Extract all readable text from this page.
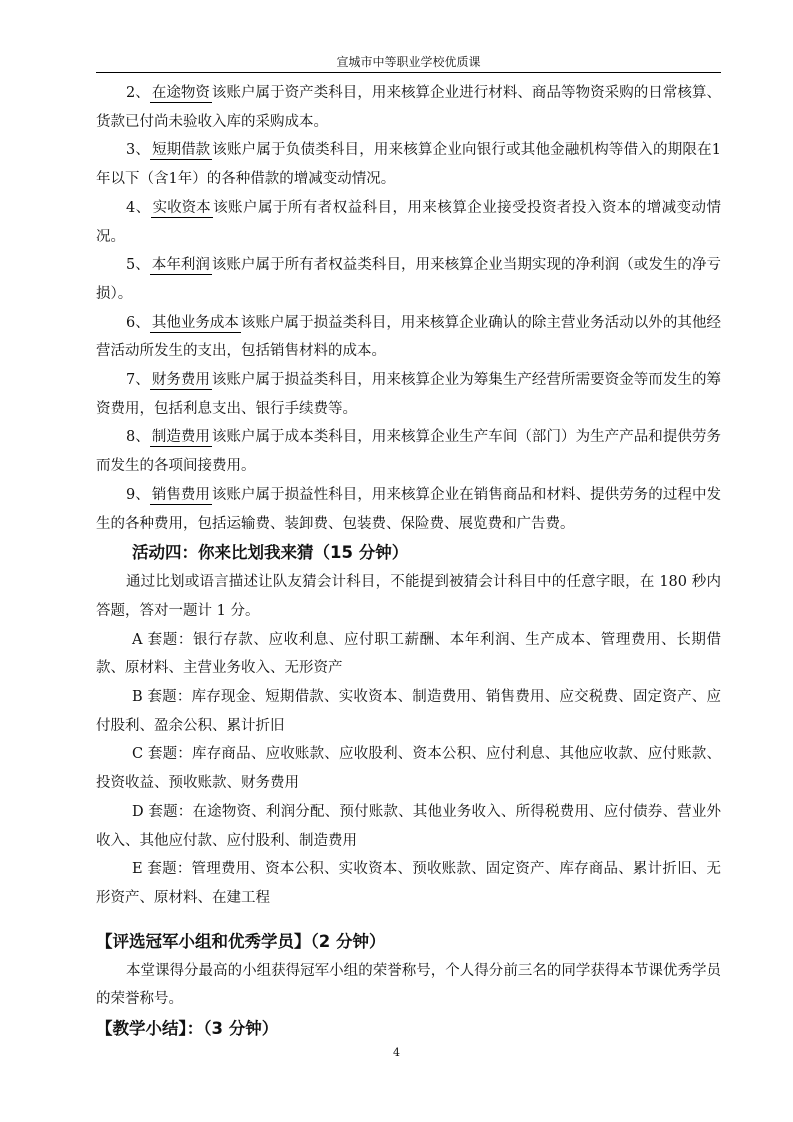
宣城市中等职业学校优质课

2、 在途物资 该账户属于资产类科目，用来核算企业进行材料、商品等物资采购的日常核算、货款已付尚未验收入库的采购成本。

3、 短期借款 该账户属于负债类科目，用来核算企业向银行或其他金融机构等借入的期限在1年以下（含1年）的各种借款的增减变动情况。

4、 实收资本 该账户属于所有者权益科目，用来核算企业接受投资者投入资本的增减变动情况。

5、 本年利润 该账户属于所有者权益类科目，用来核算企业当期实现的净利润（或发生的净亏损）。

6、 其他业务成本 该账户属于损益类科目，用来核算企业确认的除主营业务活动以外的其他经营活动所发生的支出，包括销售材料的成本。

7、 财务费用 该账户属于损益类科目，用来核算企业为筹集生产经营所需要资金等而发生的筹资费用，包括利息支出、银行手续费等。

8、 制造费用 该账户属于成本类科目，用来核算企业生产车间（部门）为生产产品和提供劳务而发生的各项间接费用。

9、 销售费用 该账户属于损益性科目，用来核算企业在销售商品和材料、提供劳务的过程中发生的各种费用，包括运输费、装卸费、包装费、保险费、展览费和广告费。

活动四：你来比划我来猜（15 分钟）

通过比划或语言描述让队友猜会计科目，不能提到被猜会计科目中的任意字眼，在 180 秒内答题，答对一题计 1 分。

A 套题：银行存款、应收利息、应付职工薪酬、本年利润、生产成本、管理费用、长期借款、原材料、主营业务收入、无形资产

B 套题：库存现金、短期借款、实收资本、制造费用、销售费用、应交税费、固定资产、应付股利、盈余公积、累计折旧

C 套题：库存商品、应收账款、应收股利、资本公积、应付利息、其他应收款、应付账款、投资收益、预收账款、财务费用

D 套题：在途物资、利润分配、预付账款、其他业务收入、所得税费用、应付债券、营业外收入、其他应付款、应付股利、制造费用

E 套题：管理费用、资本公积、实收资本、预收账款、固定资产、库存商品、累计折旧、无形资产、原材料、在建工程

【评选冠军小组和优秀学员】（2 分钟）

本堂课得分最高的小组获得冠军小组的荣誉称号，个人得分前三名的同学获得本节课优秀学员的荣誉称号。

【教学小结】：（3 分钟）
4
